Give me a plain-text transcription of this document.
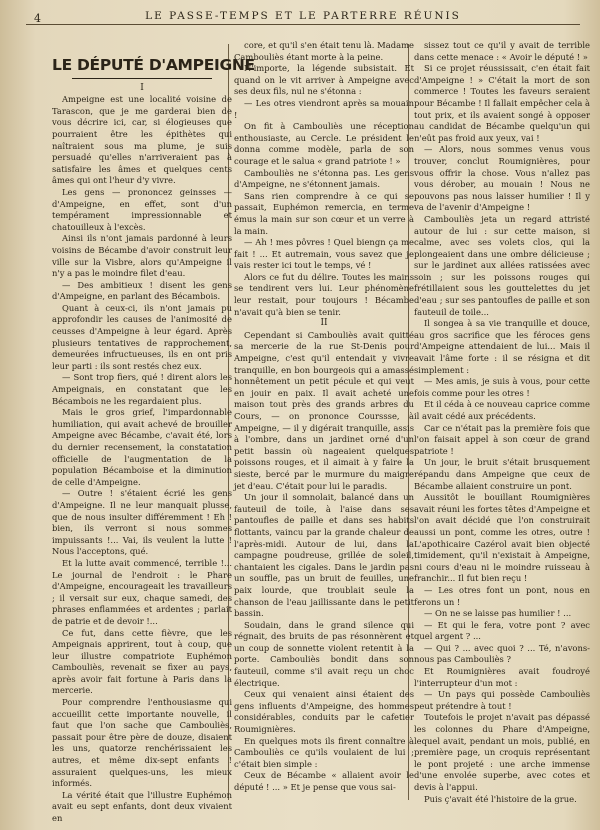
4	LE PASSE-TEMPS ET LE PARTERRE RÉUNIS
LE DÉPUTÉ D'AMPEIGNE

I

Ampeigne est une localité voisine de Tarascon, que je me garderai bien de vous décrire ici, car, si élogieuses que pourraient être les épithètes qui naîtraient sous ma plume, je suis persuadé qu'elles n'arriveraient pas à satisfaire les âmes et quelques cents âmes qui ont l'heur d'y vivre.

Les gens — prononcez geinsses — d'Ampeigne, en effet, sont d'un tempérament impressionnable et chatouilleux à l'excès.

Ainsi ils n'ont jamais pardonné à leurs voisins de Bécambe d'avoir construit leur ville sur la Visbre, alors qu'Ampeigne il n'y a pas le moindre filet d'eau.

— Des ambitieux ! disent les gens d'Ampeigne, en parlant des Bécambois.

Quant à ceux-ci, ils n'ont jamais pu approfondir les causes de l'animosité de ceusses d'Ampeigne à leur égard. Après plusieurs tentatives de rapprochement, demeurées infructueuses, ils en ont pris leur parti : ils sont restés chez eux.

— Sont trop fiers, qué ! dirent alors les Ampeignais, en constatant que les Bécambois ne les regardaient plus.

Mais le gros grief, l'impardonnable humiliation, qui avait achevé de brouiller Ampeigne avec Bécambe, c'avait été, lors du dernier recensement, la constatation officielle de l'augmentation de la population Bécamboise et la diminution de celle d'Ampeigne.

— Outre ! s'étaient écrié les gens d'Ampeigne. Il ne leur manquait plusse, que de nous insulter différemment ! Eh ! bien, ils verront si nous sommes impuissants !... Vai, ils veulent la lutte ! Nous l'acceptons, qué.

Et la lutte avait commencé, terrible !... Le journal de l'endroit : le Phare d'Ampeigne, encourageait les travailleurs ; il versait sur eux, chaque samedi, des phrases enflammées et ardentes ; parlait de patrie et de devoir !...

Ce fut, dans cette fièvre, que les Ampeignais apprirent, tout à coup, que leur illustre compatriote Euphémon Cambouliès, revenait se fixer au pays, après avoir fait fortune à Paris dans la mercerie.

Pour comprendre l'enthousiasme qui accueillit cette importante nouvelle, il faut que l'on sache que Cambouliès, passait pour être père de douze, disaient les uns, quatorze renchérissaient les autres, et même dix-sept enfants ! assuraient quelques-uns, les mieux informés.

La vérité était que l'illustre Euphémon avait eu sept enfants, dont deux vivaient en

core, et qu'il s'en était tenu là. Madame Cambouliès étant morte à la peine.

N'importe, la légende subsistait. Et quand on le vit arriver à Ampeigne avec ses deux fils, nul ne s'étonna :

— Les otres viendront après sa mouain !

On fit à Cambouliès une réception enthousiaste, au Cercle. Le président le donna comme modèle, parla de son courage et le salua « grand patriote ! »

Cambouliès ne s'étonna pas. Les gens d'Ampeigne, ne s'étonnent jamais.

Sans rien comprendre à ce qui se passait, Euphémon remercia, en terme émus la main sur son cœur et un verre à la main.

— Ah ! mes pôvres ! Quel biengn ça me fait ! ... Et autremain, vous savez que je vais rester ici tout le temps, vé !

Alors ce fut du délire. Toutes les mains se tendirent vers lui. Leur phénomène leur restait, pour toujours ! Bécambe n'avait qu'à bien se tenir.

II

Cependant si Cambouliès avait quitté sa mercerie de la rue St-Denis pour Ampeigne, c'est qu'il entendait y vivre tranquille, en bon bourgeois qui a amassé honnêtement un petit pécule et qui veut en jouir en paix. Il avait acheté une maison tout près des grands arbres du Cours, — on prononce Courssse, à Ampeigne, — il y digérait tranquille, assis à l'ombre, dans un jardinet orné d'un petit bassin où nageaient quelques poissons rouges, et il aimait à y faire la sieste, bercé par le murmure du maigre jet d'eau. C'était pour lui le paradis.

Un jour il somnolait, balancé dans un fauteuil de toile, à l'aise dans ses pantoufles de paille et dans ses habits flottants, vaincu par la grande chaleur de l'après-midi. Autour de lui, dans la campagne poudreuse, grillée de soleil, chantaient les cigales. Dans le jardin pas un souffle, pas un bruit de feuilles, une paix lourde, que troublait seule la chanson de l'eau jaillissante dans le petit bassin.

Soudain, dans le grand silence qui régnait, des bruits de pas résonnèrent et un coup de sonnette violent retentit à la porte. Cambouliès bondit dans son fauteuil, comme s'il avait reçu un choc électrique.

Ceux qui venaient ainsi étaient des gens influents d'Ampeigne, des hommes considérables, conduits par le cafetier Roumignières.

En quelques mots ils firent connaître à Cambouliès ce qu'ils voulaient de lui ; c'était bien simple :

Ceux de Bécambe « allaient avoir le député ! ... » Et je pense que vous sai-

sissez tout ce qu'il y avait de terrible dans cette menace : « Avoir le député ! »

Si ce projet réussissait, c'en était fait d'Ampeigne ! » C'était la mort de son commerce ! Toutes les faveurs seraient pour Bécambe ! Il fallait empêcher cela à tout prix, et ils avaient songé à opposer au candidat de Bécambe quelqu'un qui n'eût pas froid aux yeux, vai !

— Alors, nous sommes venus vous trouver, conclut Roumignières, pour vous offrir la chose. Vous n'allez pas vous dérober, au mouain ! Nous ne pouvons pas nous laisser humilier ! Il y va de l'avenir d'Ampeigne !

Cambouliès jeta un regard attristé autour de lui : sur cette maison, si calme, avec ses volets clos, qui la plongeaient dans une ombre délicieuse ; sur le jardinet aux allées ratissées avec soin ; sur les poissons rouges qui frétillaient sous les gouttelettes du jet d'eau ; sur ses pantoufles de paille et son fauteuil de toile...

Il songea à sa vie tranquille et douce, au gros sacrifice que les féroces gens d'Ampeigne attendaient de lui... Mais il avait l'âme forte : il se résigna et dit simplement :

— Mes amis, je suis à vous, pour cette fois comme pour les otres !

Et il céda à ce nouveau caprice comme il avait cédé aux précédents.

Car ce n'était pas la première fois que l'on faisait appel à son cœur de grand patriote !

Un jour, le bruit s'était brusquement répandu dans Ampeigne que ceux de Bécambe allaient construire un pont.

Aussitôt le bouillant Roumignières avait réuni les fortes têtes d'Ampeigne et l'on avait décidé que l'on construirait aussi un pont, comme les otres, outre ! L'apothicaire Cazérol avait bien objecté timidement, qu'il n'existait à Ampeigne, ni cours d'eau ni le moindre ruisseau à franchir... Il fut bien reçu !

— Les otres font un pont, nous en ferons un !

— On ne se laisse pas humilier ! ...

— Et qui le fera, votre pont ? avec quel argent ? ...

— Qui ? ... avec quoi ? ... Té, n'avons-nous pas Cambouliès ?

Et Roumignières avait foudroyé l'interrupteur d'un mot :

— Un pays qui possède Cambouliès peut prétendre à tout !

Toutefois le projet n'avait pas dépassé les colonnes du Phare d'Ampeigne, lequel avait, pendant un mois, publié, en première page, un croquis représentant le pont projeté : une arche immense d'une envolée superbe, avec cotes et devis à l'appui.

Puis ç'avait été l'histoire de la grue.
